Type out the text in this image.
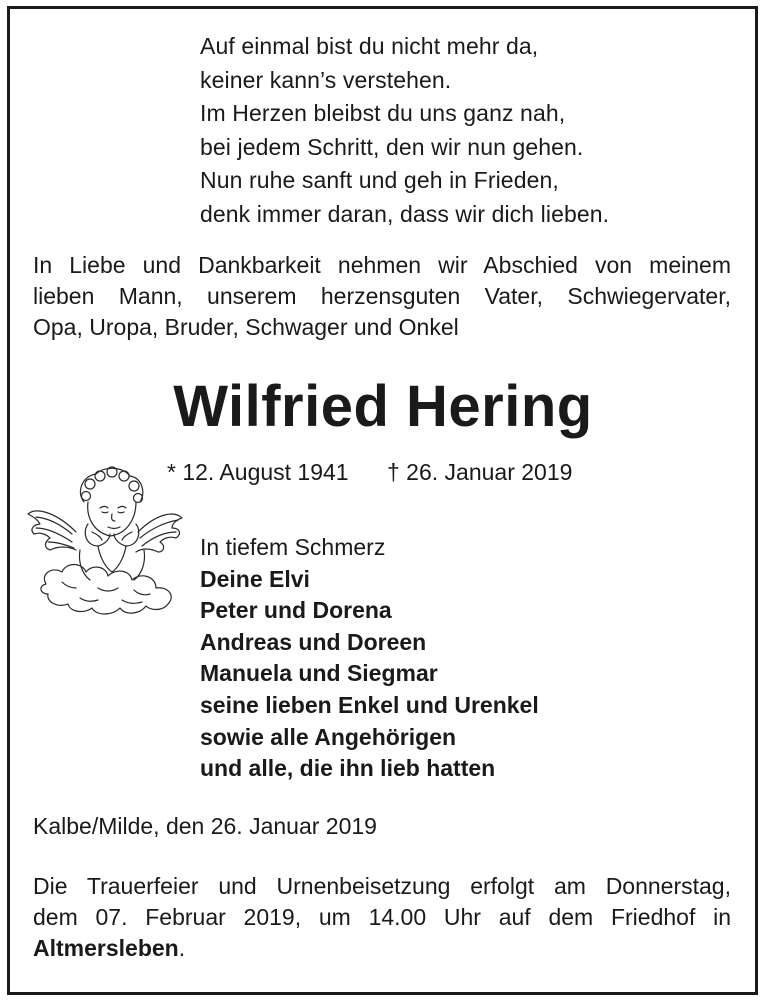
Auf einmal bist du nicht mehr da,
keiner kann’s verstehen.
Im Herzen bleibst du uns ganz nah,
bei jedem Schritt, den wir nun gehen.
Nun ruhe sanft und geh in Frieden,
denk immer daran, dass wir dich lieben.
In Liebe und Dankbarkeit nehmen wir Abschied von meinem
lieben Mann, unserem herzensguten Vater, Schwiegervater,
Opa, Uropa, Bruder, Schwager und Onkel
Wilfried Hering
* 12. August 1941 † 26. Januar 2019
In tiefem Schmerz
Deine Elvi
Peter und Dorena
Andreas und Doreen
Manuela und Siegmar
seine lieben Enkel und Urenkel
sowie alle Angehörigen
und alle, die ihn lieb hatten
Kalbe/Milde, den 26. Januar 2019
Die Trauerfeier und Urnenbeisetzung erfolgt am Donnerstag,
dem 07. Februar 2019, um 14.00 Uhr auf dem Friedhof in
Altmersleben.
